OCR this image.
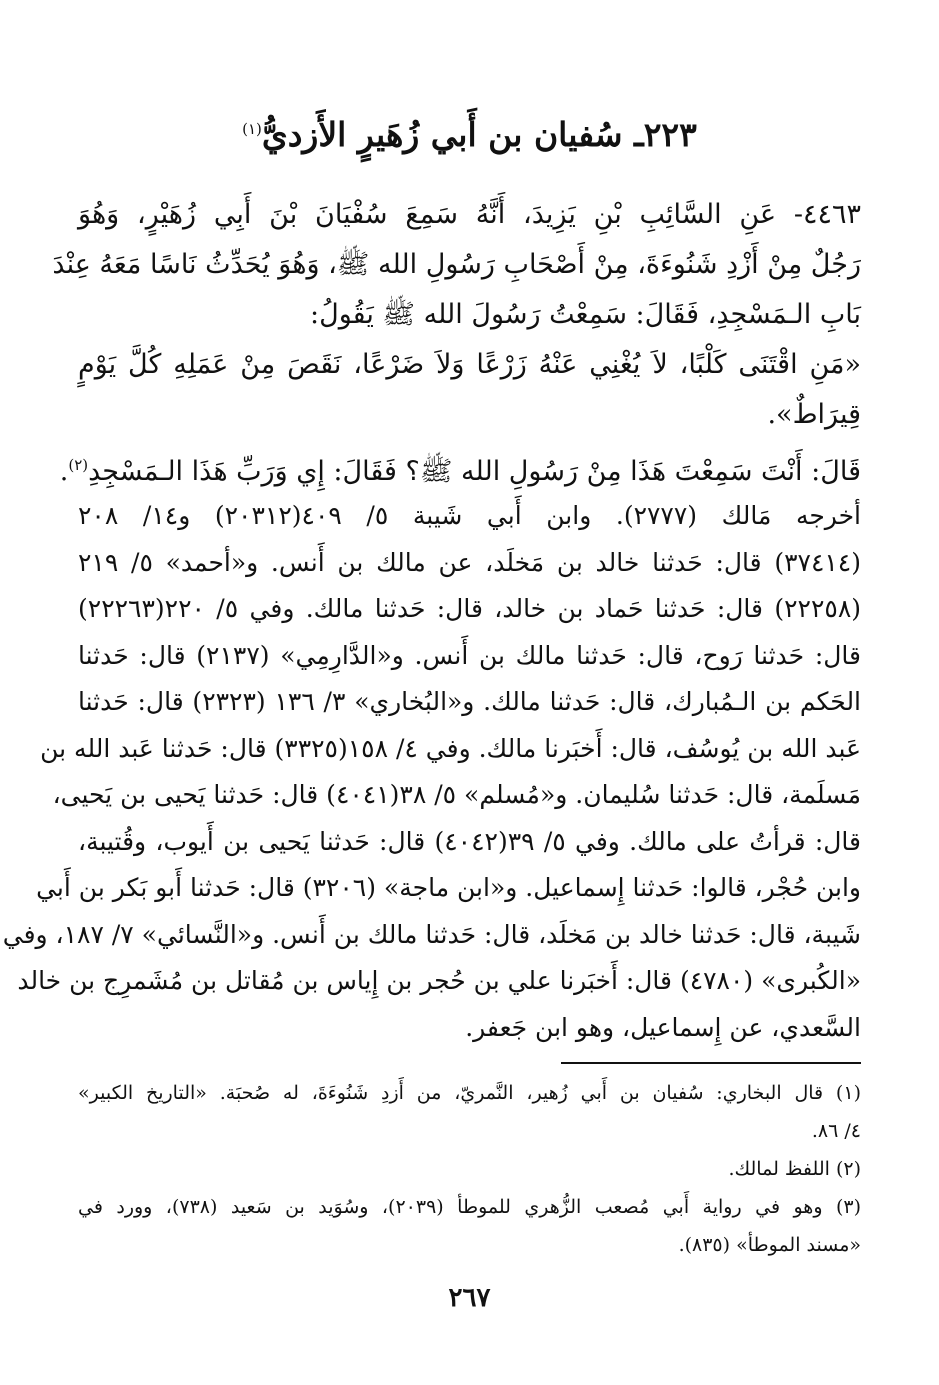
٢٢٣ـ سُفيان بن أَبي زُهَيرٍ الأَزديُّ$^{(١)}$
٤٤٦٣- عَنِ السَّائِبِ بْنِ يَزِيدَ، أَنَّهُ سَمِعَ سُفْيَانَ بْنَ أَبِي زُهَيْرٍ، وَهُوَ
رَجُلٌ مِنْ أَزْدِ شَنُوءَةَ، مِنْ أَصْحَابِ رَسُولِ الله ﷺ، وَهُوَ يُحَدِّثُ نَاسًا مَعَهُ عِنْدَ
بَابِ الـمَسْجِدِ، فَقَالَ: سَمِعْتُ رَسُولَ الله ﷺ يَقُولُ:
«مَنِ اقْتَنَى كَلْبًا، لاَ يُغْنِي عَنْهُ زَرْعًا وَلاَ ضَرْعًا، نَقَصَ مِنْ عَمَلِهِ كُلَّ يَوْمٍ
قِيرَاطٌ».
قَالَ: أَنْتَ سَمِعْتَ هَذَا مِنْ رَسُولِ الله ﷺ؟ فَقَالَ: إِي وَرَبِّ هَذَا الـمَسْجِدِ$^{(٢)}$.
أخرجه مَالك (٢٧٧٧). وابن أَبي شَيبة ٥/ ٤٠٩(٢٠٣١٢) و١٤/ ٢٠٨
(٣٧٤١٤) قال: حَدثنا خالد بن مَخلَد، عن مالك بن أَنس. و«أحمد» ٥/ ٢١٩
(٢٢٢٥٨) قال: حَدثنا حَماد بن خالد، قال: حَدثنا مالك. وفي ٥/ ٢٢٠(٢٢٢٦٣)
قال: حَدثنا رَوح، قال: حَدثنا مالك بن أَنس. و«الدَّارِمِي» (٢١٣٧) قال: حَدثنا
الحَكم بن الـمُبارك، قال: حَدثنا مالك. و«البُخاري» ٣/ ١٣٦ (٢٣٢٣) قال: حَدثنا
عَبد الله بن يُوسُف، قال: أَخبَرنا مالك. وفي ٤/ ١٥٨(٣٣٢٥) قال: حَدثنا عَبد الله بن
مَسلَمة، قال: حَدثنا سُليمان. و«مُسلم» ٥/ ٣٨(٤٠٤١) قال: حَدثنا يَحيى بن يَحيى،
قال: قرأتُ على مالك. وفي ٥/ ٣٩(٤٠٤٢) قال: حَدثنا يَحيى بن أَيوب، وقُتيبة،
وابن حُجْر، قالوا: حَدثنا إِسماعيل. و«ابن ماجة» (٣٢٠٦) قال: حَدثنا أَبو بَكر بن أَبي
شَيبة، قال: حَدثنا خالد بن مَخلَد، قال: حَدثنا مالك بن أَنس. و«النَّسائي» ٧/ ١٨٧، وفي
«الكُبرى» (٤٧٨٠) قال: أَخبَرنا علي بن حُجر بن إِياس بن مُقاتل بن مُشَمرِج بن خالد
السَّعدي، عن إِسماعيل، وهو ابن جَعفر.
(١) قال البخاري: سُفيان بن أَبي زُهير، النَّمريّ، من أَزدِ شَنُوءَةَ، له صُحبَة. «التاريخ الكبير»
٤/ ٨٦.
(٢) اللفظ لمالك.
(٣) وهو في رواية أَبي مُصعب الزُّهري للموطأ (٢٠٣٩)، وسُوَيد بن سَعيد (٧٣٨)، وورد في
«مسند الموطأ» (٨٣٥).
٢٦٧
